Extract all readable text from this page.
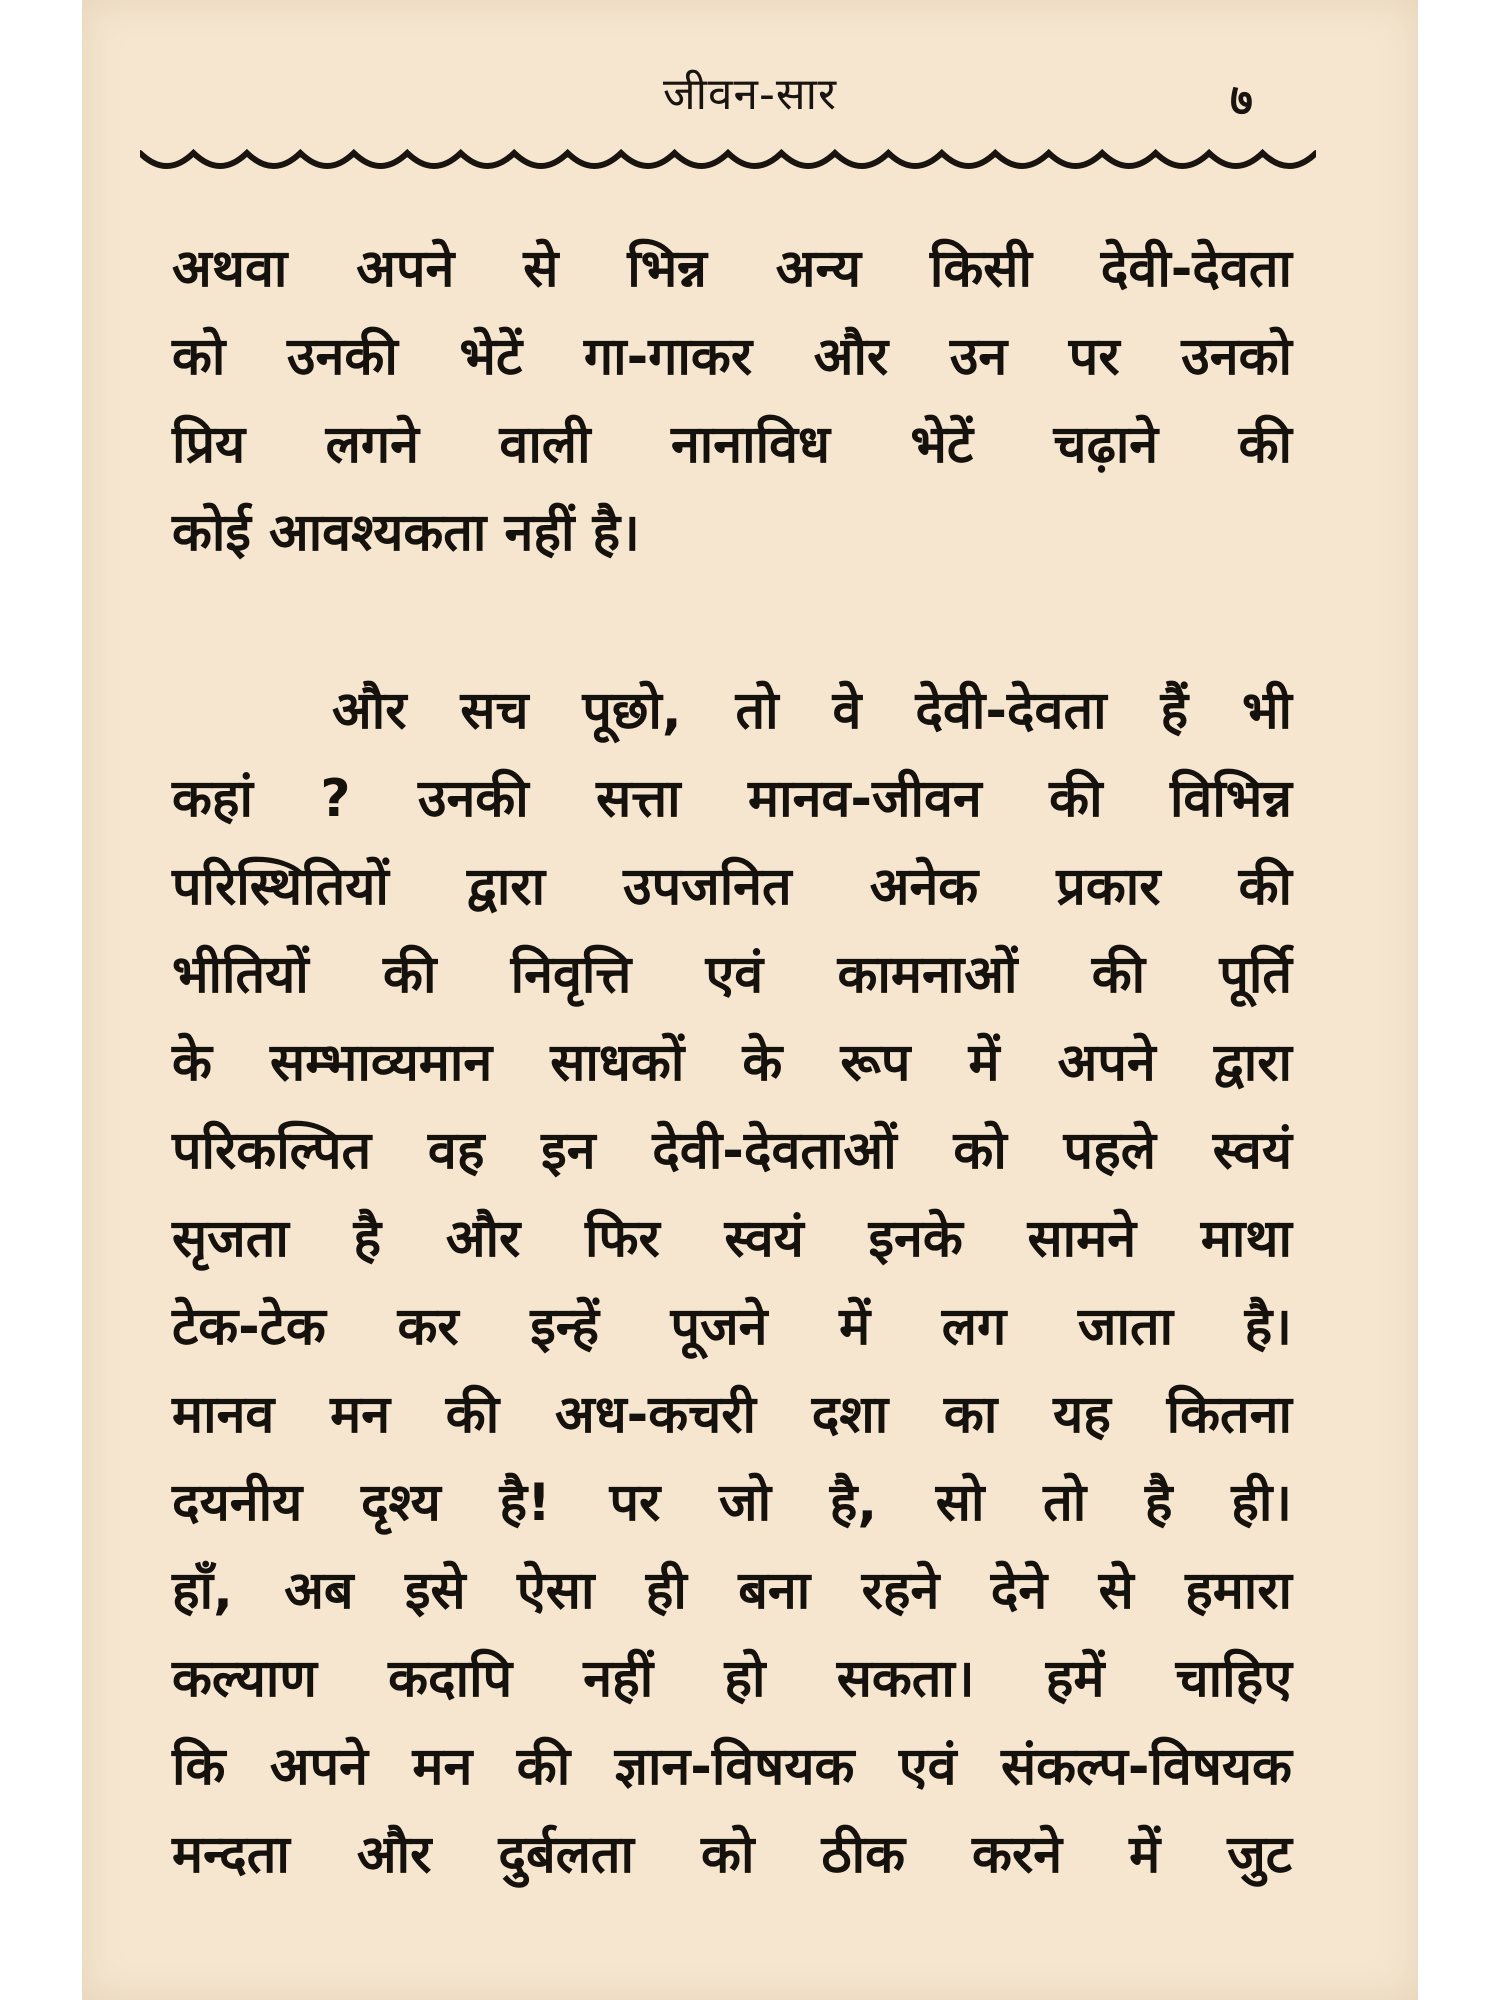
जीवन-सार	७
अथवा अपने से भिन्न अन्य किसी देवी-देवता
को उनकी भेटें गा-गाकर और उन पर उनको
प्रिय लगने वाली नानाविध भेटें चढ़ाने की
कोई आवश्यकता नहीं है।
और सच पूछो, तो वे देवी-देवता हैं भी
कहां ? उनकी सत्ता मानव-जीवन की विभिन्न
परिस्थितियों द्वारा उपजनित अनेक प्रकार की
भीतियों की निवृत्ति एवं कामनाओं की पूर्ति
के सम्भाव्यमान साधकों के रूप में अपने द्वारा
परिकल्पित वह इन देवी-देवताओं को पहले स्वयं
सृजता है और फिर स्वयं इनके सामने माथा
टेक-टेक कर इन्हें पूजने में लग जाता है।
मानव मन की अध-कचरी दशा का यह कितना
दयनीय दृश्य है! पर जो है, सो तो है ही।
हाँ, अब इसे ऐसा ही बना रहने देने से हमारा
कल्याण कदापि नहीं हो सकता। हमें चाहिए
कि अपने मन की ज्ञान-विषयक एवं संकल्प-विषयक
मन्दता और दुर्बलता को ठीक करने में जुट
